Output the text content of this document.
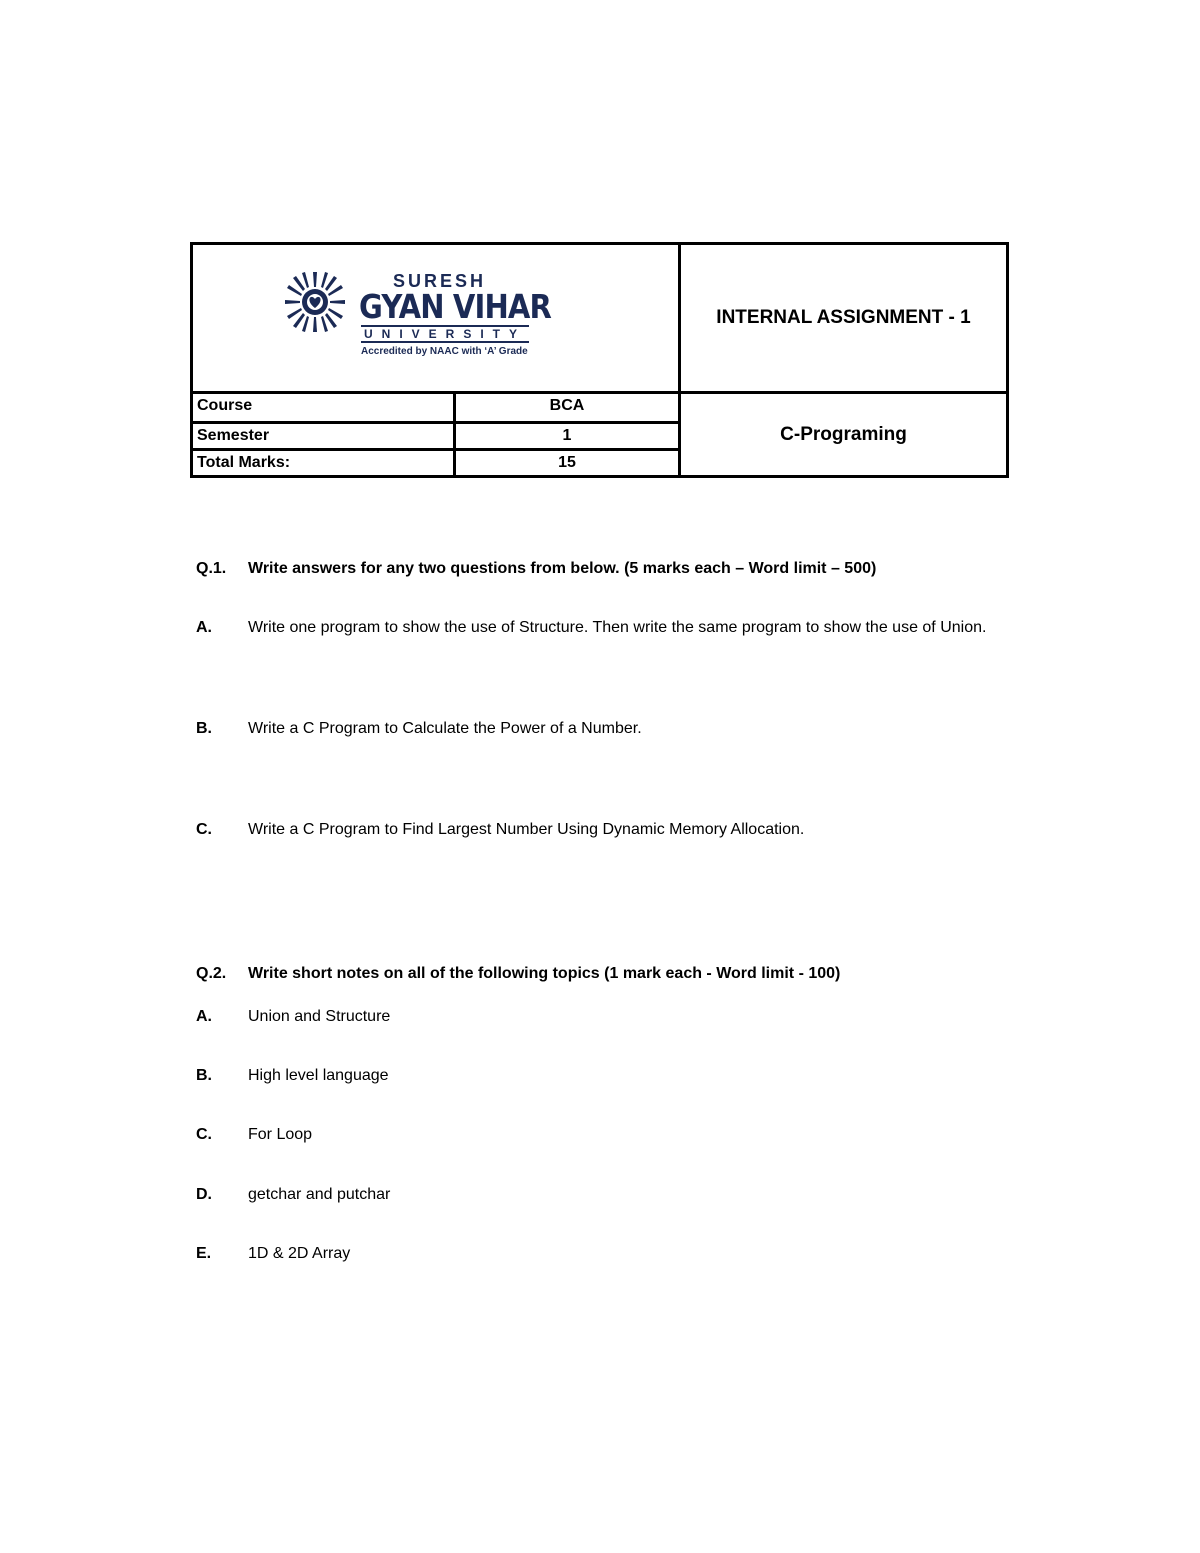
SURESH
GYAN VIHAR
UNIVERSITY
Accredited by NAAC with ‘A’ Grade
INTERNAL ASSIGNMENT - 1
Course	BCA
Semester	1
Total Marks:	15
C-Programing
Q.1.	Write answers for any two questions from below. (5 marks each – Word limit – 500)
A.	Write one program to show the use of Structure. Then write the same program to show the use of Union.
B.	Write a C Program to Calculate the Power of a Number.
C.	Write a C Program to Find Largest Number Using Dynamic Memory Allocation.
Q.2.	Write short notes on all of the following topics (1 mark each - Word limit - 100)
A.	Union and Structure
B.	High level language
C.	For Loop
D.	getchar and putchar
E.	1D & 2D Array
